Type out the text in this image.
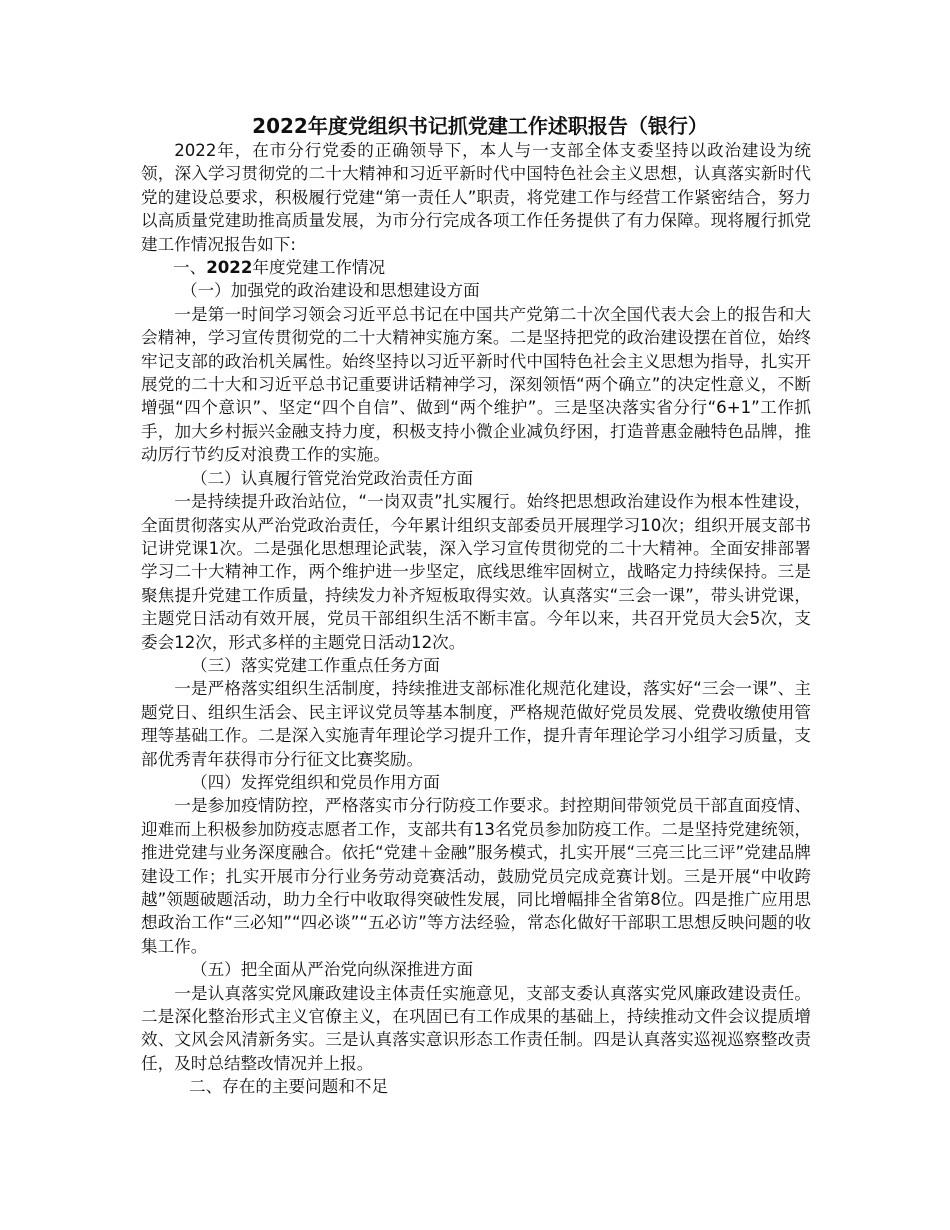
2022年度党组织书记抓党建工作述职报告（银行）

2022年，在市分行党委的正确领导下，本人与一支部全体支委坚持以政治建设为统领，深入学习贯彻党的二十大精神和习近平新时代中国特色社会主义思想，认真落实新时代党的建设总要求，积极履行党建“第一责任人”职责，将党建工作与经营工作紧密结合，努力以高质量党建助推高质量发展，为市分行完成各项工作任务提供了有力保障。现将履行抓党建工作情况报告如下:

一、2022年度党建工作情况

（一）加强党的政治建设和思想建设方面

一是第一时间学习领会习近平总书记在中国共产党第二十次全国代表大会上的报告和大会精神，学习宣传贯彻党的二十大精神实施方案。二是坚持把党的政治建设摆在首位，始终牢记支部的政治机关属性。始终坚持以习近平新时代中国特色社会主义思想为指导，扎实开展党的二十大和习近平总书记重要讲话精神学习，深刻领悟“两个确立”的决定性意义，不断增强“四个意识”、坚定“四个自信”、做到“两个维护”。三是坚决落实省分行“6+1”工作抓手，加大乡村振兴金融支持力度，积极支持小微企业减负纾困，打造普惠金融特色品牌，推动厉行节约反对浪费工作的实施。

（二）认真履行管党治党政治责任方面

一是持续提升政治站位，“一岗双责”扎实履行。始终把思想政治建设作为根本性建设，全面贯彻落实从严治党政治责任，今年累计组织支部委员开展理学习10次；组织开展支部书记讲党课1次。二是强化思想理论武装，深入学习宣传贯彻党的二十大精神。全面安排部署学习二十大精神工作，两个维护进一步坚定，底线思维牢固树立，战略定力持续保持。三是聚焦提升党建工作质量，持续发力补齐短板取得实效。认真落实“三会一课”，带头讲党课，主题党日活动有效开展，党员干部组织生活不断丰富。今年以来，共召开党员大会5次，支委会12次，形式多样的主题党日活动12次。

（三）落实党建工作重点任务方面

一是严格落实组织生活制度，持续推进支部标准化规范化建设，落实好“三会一课”、主题党日、组织生活会、民主评议党员等基本制度，严格规范做好党员发展、党费收缴使用管理等基础工作。二是深入实施青年理论学习提升工作，提升青年理论学习小组学习质量，支部优秀青年获得市分行征文比赛奖励。

（四）发挥党组织和党员作用方面

一是参加疫情防控，严格落实市分行防疫工作要求。封控期间带领党员干部直面疫情、迎难而上积极参加防疫志愿者工作，支部共有13名党员参加防疫工作。二是坚持党建统领，推进党建与业务深度融合。依托“党建＋金融”服务模式，扎实开展“三亮三比三评”党建品牌建设工作；扎实开展市分行业务劳动竞赛活动，鼓励党员完成竞赛计划。三是开展“中收跨越”领题破题活动，助力全行中收取得突破性发展，同比增幅排全省第8位。四是推广应用思想政治工作“三必知”“四必谈”“五必访”等方法经验，常态化做好干部职工思想反映问题的收集工作。

（五）把全面从严治党向纵深推进方面

一是认真落实党风廉政建设主体责任实施意见，支部支委认真落实党风廉政建设责任。二是深化整治形式主义官僚主义，在巩固已有工作成果的基础上，持续推动文件会议提质增效、文风会风清新务实。三是认真落实意识形态工作责任制。四是认真落实巡视巡察整改责任，及时总结整改情况并上报。

二、存在的主要问题和不足
